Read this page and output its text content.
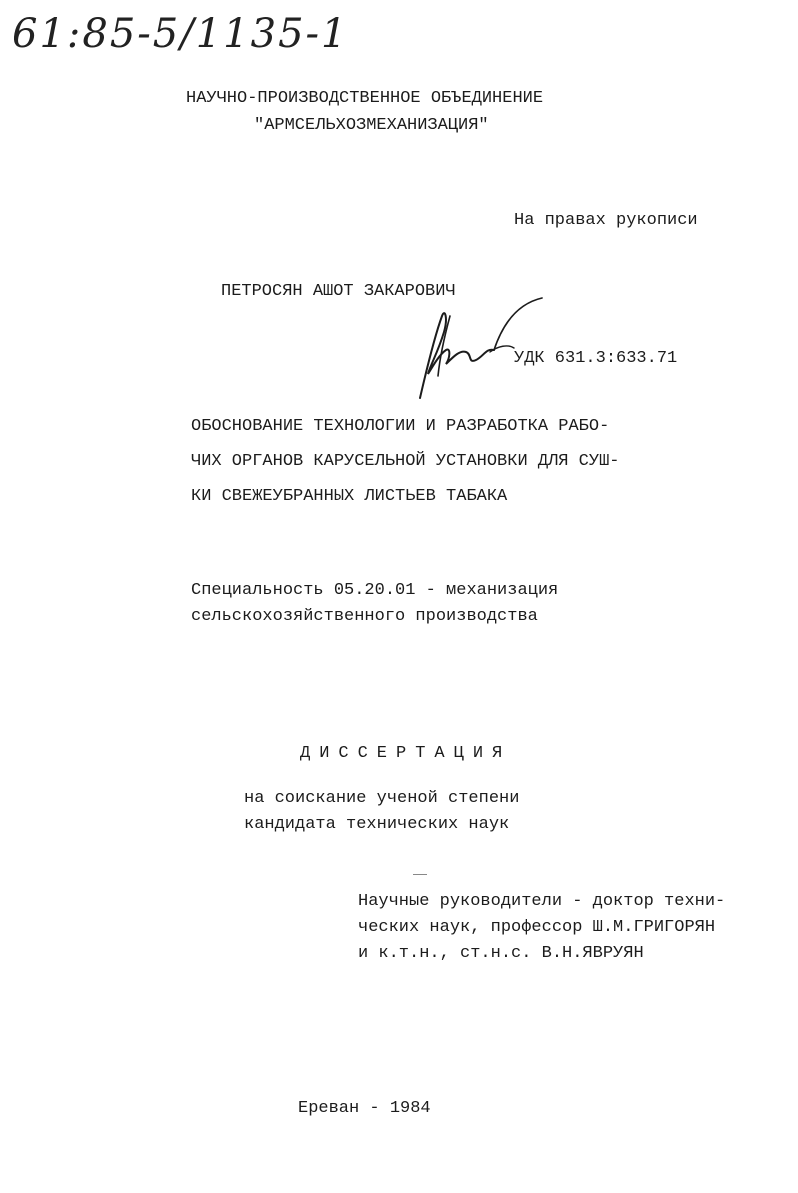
61:85-5/1135-1
НАУЧНО-ПРОИЗВОДСТВЕННОЕ ОБЪЕДИНЕНИЕ
"АРМСЕЛЬХОЗМЕХАНИЗАЦИЯ"
На правах рукописи
ПЕТРОСЯН АШОТ ЗАКАРОВИЧ
УДК 631.3:633.71
ОБОСНОВАНИЕ ТЕХНОЛОГИИ И РАЗРАБОТКА РАБО-
ЧИХ ОРГАНОВ КАРУСЕЛЬНОЙ УСТАНОВКИ ДЛЯ СУШ-
КИ СВЕЖЕУБРАННЫХ ЛИСТЬЕВ ТАБАКА
Специальность 05.20.01 - механизация
сельскохозяйственного производства
ДИССЕРТАЦИЯ
на соискание ученой степени
кандидата технических наук
Научные руководители - доктор техни-
ческих наук, профессор Ш.М.ГРИГОРЯН
и к.т.н., ст.н.с. В.Н.ЯВРУЯН
Ереван - 1984
